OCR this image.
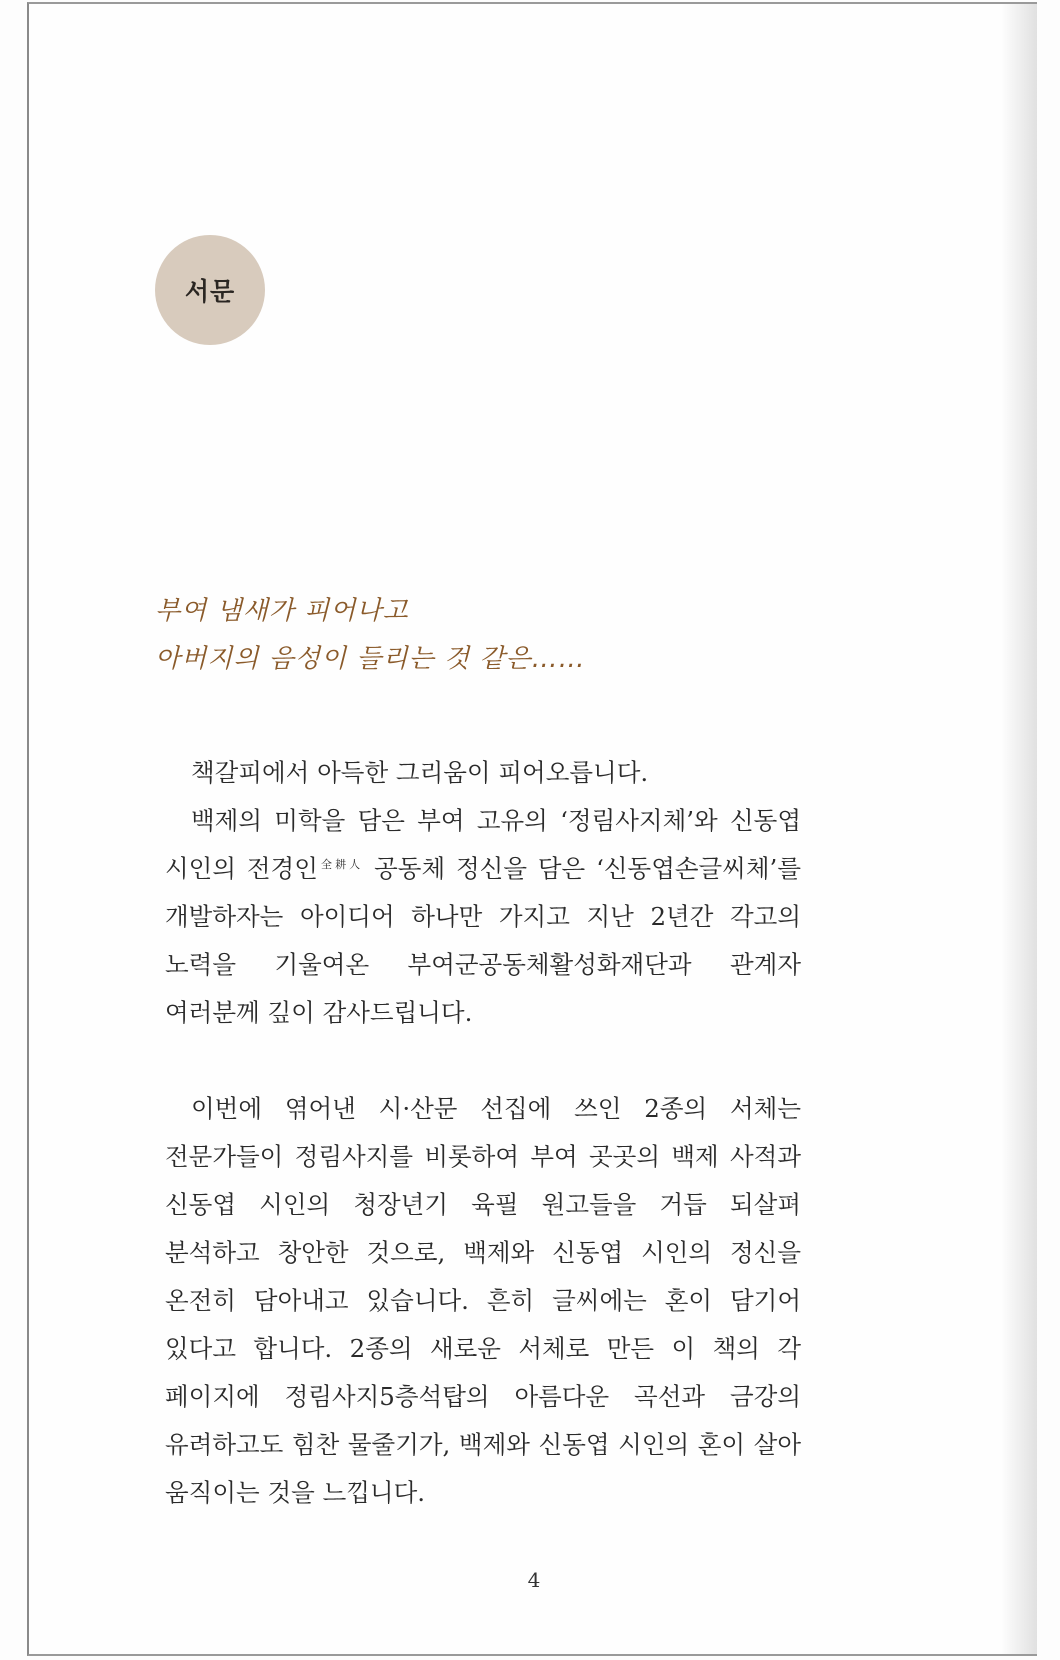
서문
부여 냄새가 피어나고
아버지의 음성이 들리는 것 같은……

책갈피에서 아득한 그리움이 피어오릅니다.

백제의 미학을 담은 부여 고유의 ‘정림사지체’와 신동엽 시인의 전경인$^{全耕人}$ 공동체 정신을 담은 ‘신동엽손글씨체’를 개발하자는 아이디어 하나만 가지고 지난 2년간 각고의 노력을 기울여온 부여군공동체활성화재단과 관계자 여러분께 깊이 감사드립니다.

이번에 엮어낸 시·산문 선집에 쓰인 2종의 서체는 전문가들이 정림사지를 비롯하여 부여 곳곳의 백제 사적과 신동엽 시인의 청장년기 육필 원고들을 거듭 되살펴 분석하고 창안한 것으로, 백제와 신동엽 시인의 정신을 온전히 담아내고 있습니다. 흔히 글씨에는 혼이 담기어 있다고 합니다. 2종의 새로운 서체로 만든 이 책의 각 페이지에 정림사지5층석탑의 아름다운 곡선과 금강의 유려하고도 힘찬 물줄기가, 백제와 신동엽 시인의 혼이 살아 움직이는 것을 느낍니다.

4
